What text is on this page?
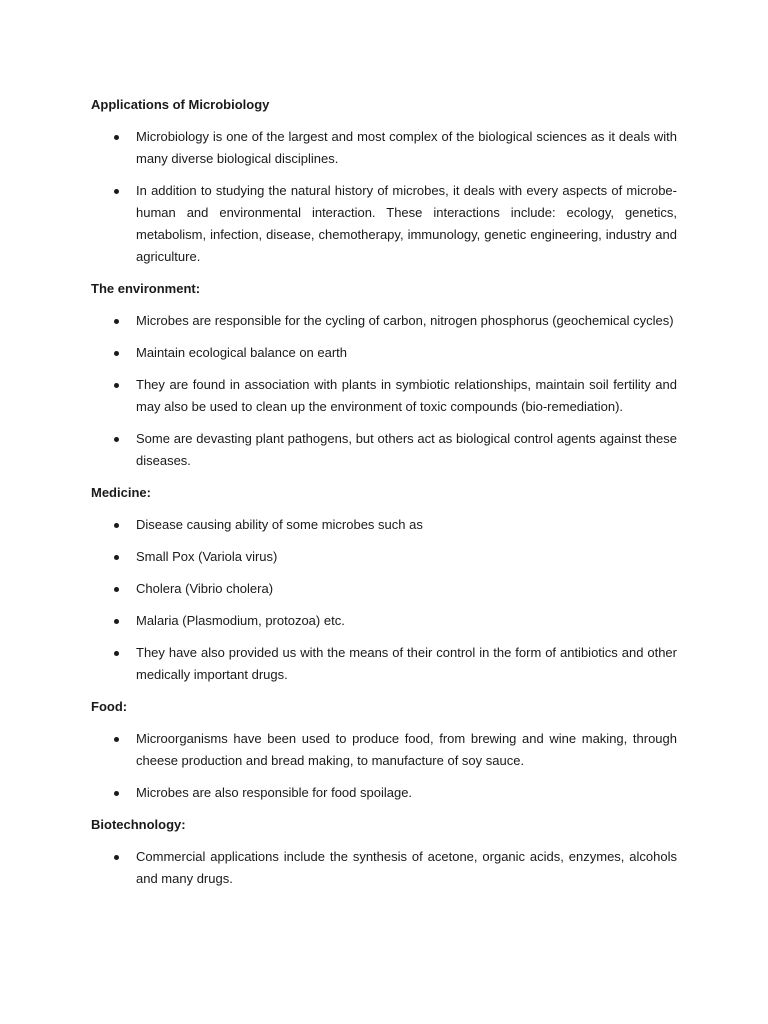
Applications of Microbiology
Microbiology is one of the largest and most complex of the biological sciences as it deals with many diverse biological disciplines.
In addition to studying the natural history of microbes, it deals with every aspects of microbe-human and environmental interaction. These interactions include: ecology, genetics, metabolism, infection, disease, chemotherapy, immunology, genetic engineering, industry and agriculture.
The environment:
Microbes are responsible for the cycling of carbon, nitrogen phosphorus (geochemical cycles)
Maintain ecological balance on earth
They are found in association with plants in symbiotic relationships, maintain soil fertility and may also be used to clean up the environment of toxic compounds (bio-remediation).
Some are devasting plant pathogens, but others act as biological control agents against these diseases.
Medicine:
Disease causing ability of some microbes such as
Small Pox (Variola virus)
Cholera (Vibrio cholera)
Malaria (Plasmodium, protozoa) etc.
They have also provided us with the means of their control in the form of antibiotics and other medically important drugs.
Food:
Microorganisms have been used to produce food, from brewing and wine making, through cheese production and bread making, to manufacture of soy sauce.
Microbes are also responsible for food spoilage.
Biotechnology:
Commercial applications include the synthesis of acetone, organic acids, enzymes, alcohols and many drugs.
